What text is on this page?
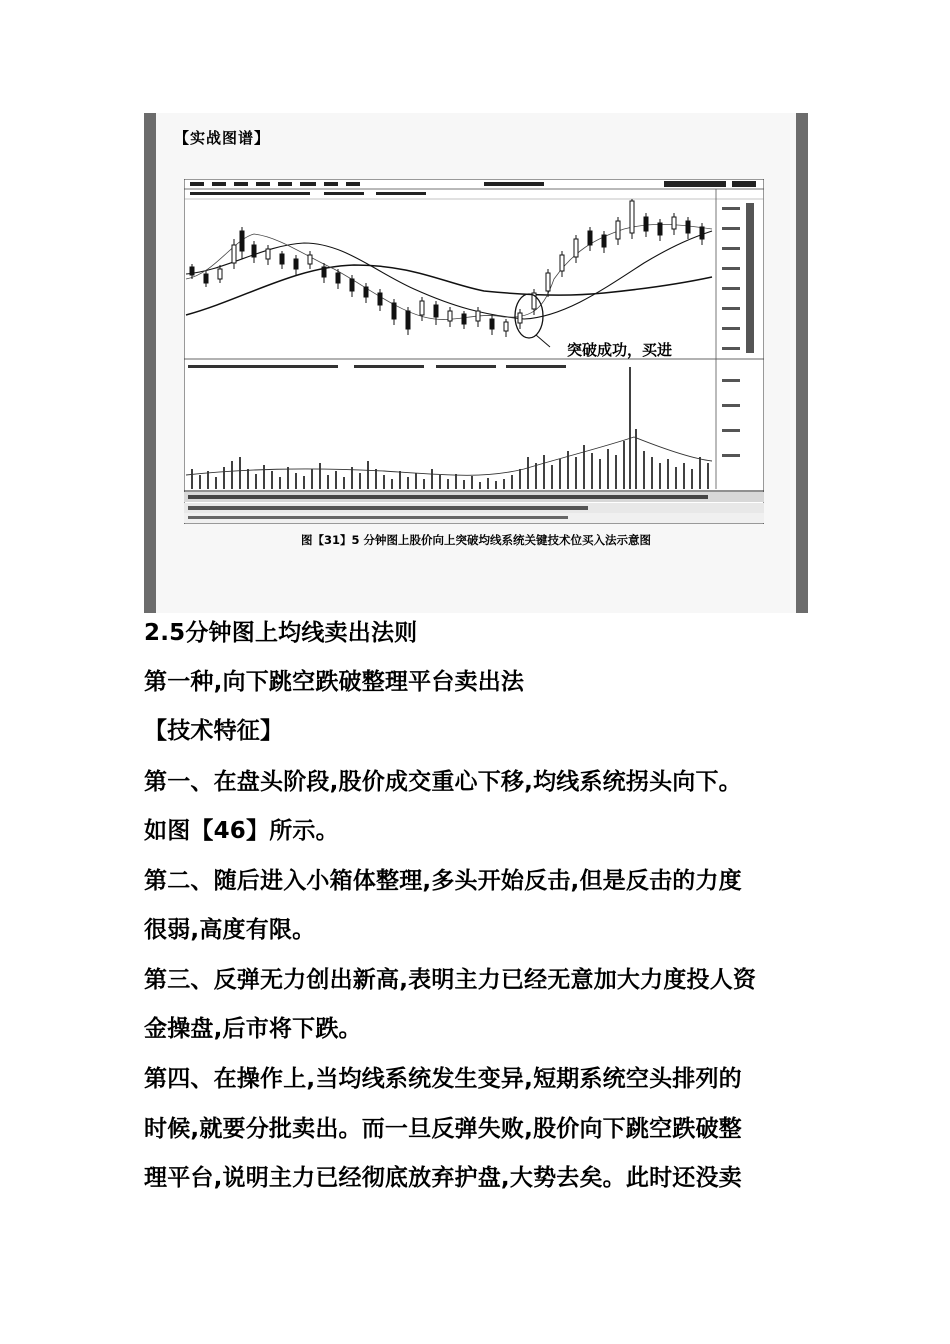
【实战图谱】
突破成功，买进
图【31】5 分钟图上股价向上突破均线系统关键技术位买入法示意图
2.5分钟图上均线卖出法则
第一种,向下跳空跌破整理平台卖出法
【技术特征】
第一、在盘头阶段,股价成交重心下移,均线系统拐头向下。
如图【46】所示。
第二、随后进入小箱体整理,多头开始反击,但是反击的力度
很弱,高度有限。
第三、反弹无力创出新高,表明主力已经无意加大力度投人资
金操盘,后市将下跌。
第四、在操作上,当均线系统发生变异,短期系统空头排列的
时候,就要分批卖出。而一旦反弹失败,股价向下跳空跌破整
理平台,说明主力已经彻底放弃护盘,大势去矣。此时还没卖
